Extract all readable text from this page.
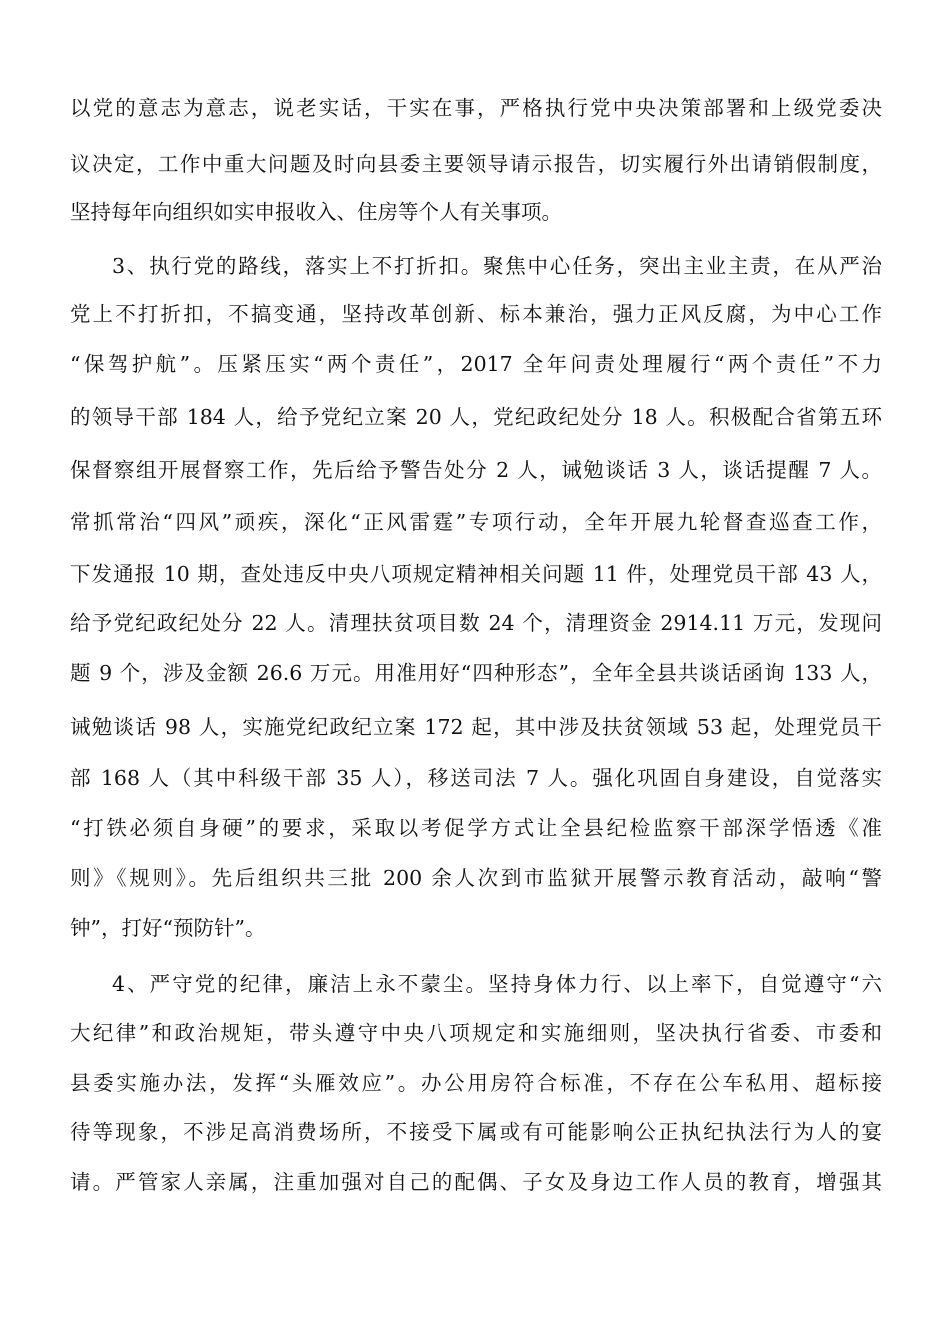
以党的意志为意志，说老实话，干实在事，严格执行党中央决策部署和上级党委决
议决定，工作中重大问题及时向县委主要领导请示报告，切实履行外出请销假制度，
坚持每年向组织如实申报收入、住房等个人有关事项。
3、执行党的路线，落实上不打折扣。聚焦中心任务，突出主业主责，在从严治
党上不打折扣，不搞变通，坚持改革创新、标本兼治，强力正风反腐，为中心工作
“保驾护航”。压紧压实“两个责任”，2017 全年问责处理履行“两个责任”不力
的领导干部 184 人，给予党纪立案 20 人，党纪政纪处分 18 人。积极配合省第五环
保督察组开展督察工作，先后给予警告处分 2 人，诫勉谈话 3 人，谈话提醒 7 人。
常抓常治“四风”顽疾，深化“正风雷霆”专项行动，全年开展九轮督查巡查工作，
下发通报 10 期，查处违反中央八项规定精神相关问题 11 件，处理党员干部 43 人，
给予党纪政纪处分 22 人。清理扶贫项目数 24 个，清理资金 2914.11 万元，发现问
题 9 个，涉及金额 26.6 万元。用准用好“四种形态”，全年全县共谈话函询 133 人，
诫勉谈话 98 人，实施党纪政纪立案 172 起，其中涉及扶贫领域 53 起，处理党员干
部 168 人（其中科级干部 35 人），移送司法 7 人。强化巩固自身建设，自觉落实
“打铁必须自身硬”的要求，采取以考促学方式让全县纪检监察干部深学悟透《准
则》《规则》。先后组织共三批 200 余人次到市监狱开展警示教育活动，敲响“警
钟”，打好“预防针”。
4、严守党的纪律，廉洁上永不蒙尘。坚持身体力行、以上率下，自觉遵守“六
大纪律”和政治规矩，带头遵守中央八项规定和实施细则，坚决执行省委、市委和
县委实施办法，发挥“头雁效应”。办公用房符合标准，不存在公车私用、超标接
待等现象，不涉足高消费场所，不接受下属或有可能影响公正执纪执法行为人的宴
请。严管家人亲属，注重加强对自己的配偶、子女及身边工作人员的教育，增强其
